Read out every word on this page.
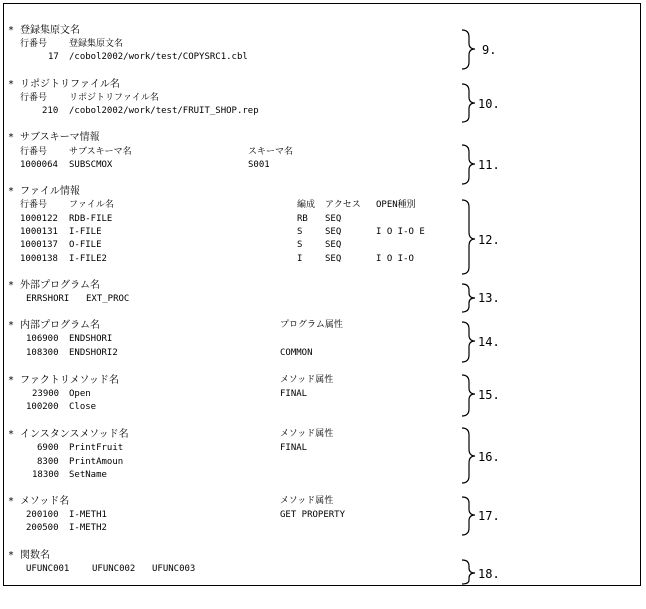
* 登録集原文名
行番号 登録集原文名
17 /cobol2002/work/test/COPYSRC1.cbl
* リポジトリファイル名
行番号 リポジトリファイル名
210 /cobol2002/work/test/FRUIT_SHOP.rep
* サブスキーマ情報
行番号 サブスキーマ名	スキーマ名
1000064 SUBSCMOX	S001
* ファイル情報
行番号 ファイル名	編成 アクセス OPEN種別
1000122 RDB-FILE	RB SEQ
1000131 I-FILE	S	SEQ	I O I-O E
1000137 O-FILE	S	SEQ
1000138 I-FILE2	I	SEQ	I O I-O
* 外部プログラム名
ERRSHORI EXT_PROC
* 内部プログラム名	プログラム属性
106900 ENDSHORI
108300 ENDSHORI2	COMMON
* ファクトリメソッド名	メソッド属性
23900 Open	FINAL
100200 Close
* インスタンスメソッド名	メソッド属性
6900 PrintFruit	FINAL
8300 PrintAmoun
18300 SetName
* メソッド名	メソッド属性
200100 I-METH1	GET PROPERTY
200500 I-METH2
* 関数名
UFUNC001	UFUNC002 UFUNC003
9.
10.
11.
12.
13.
14.
15.
16.
17.
18.
